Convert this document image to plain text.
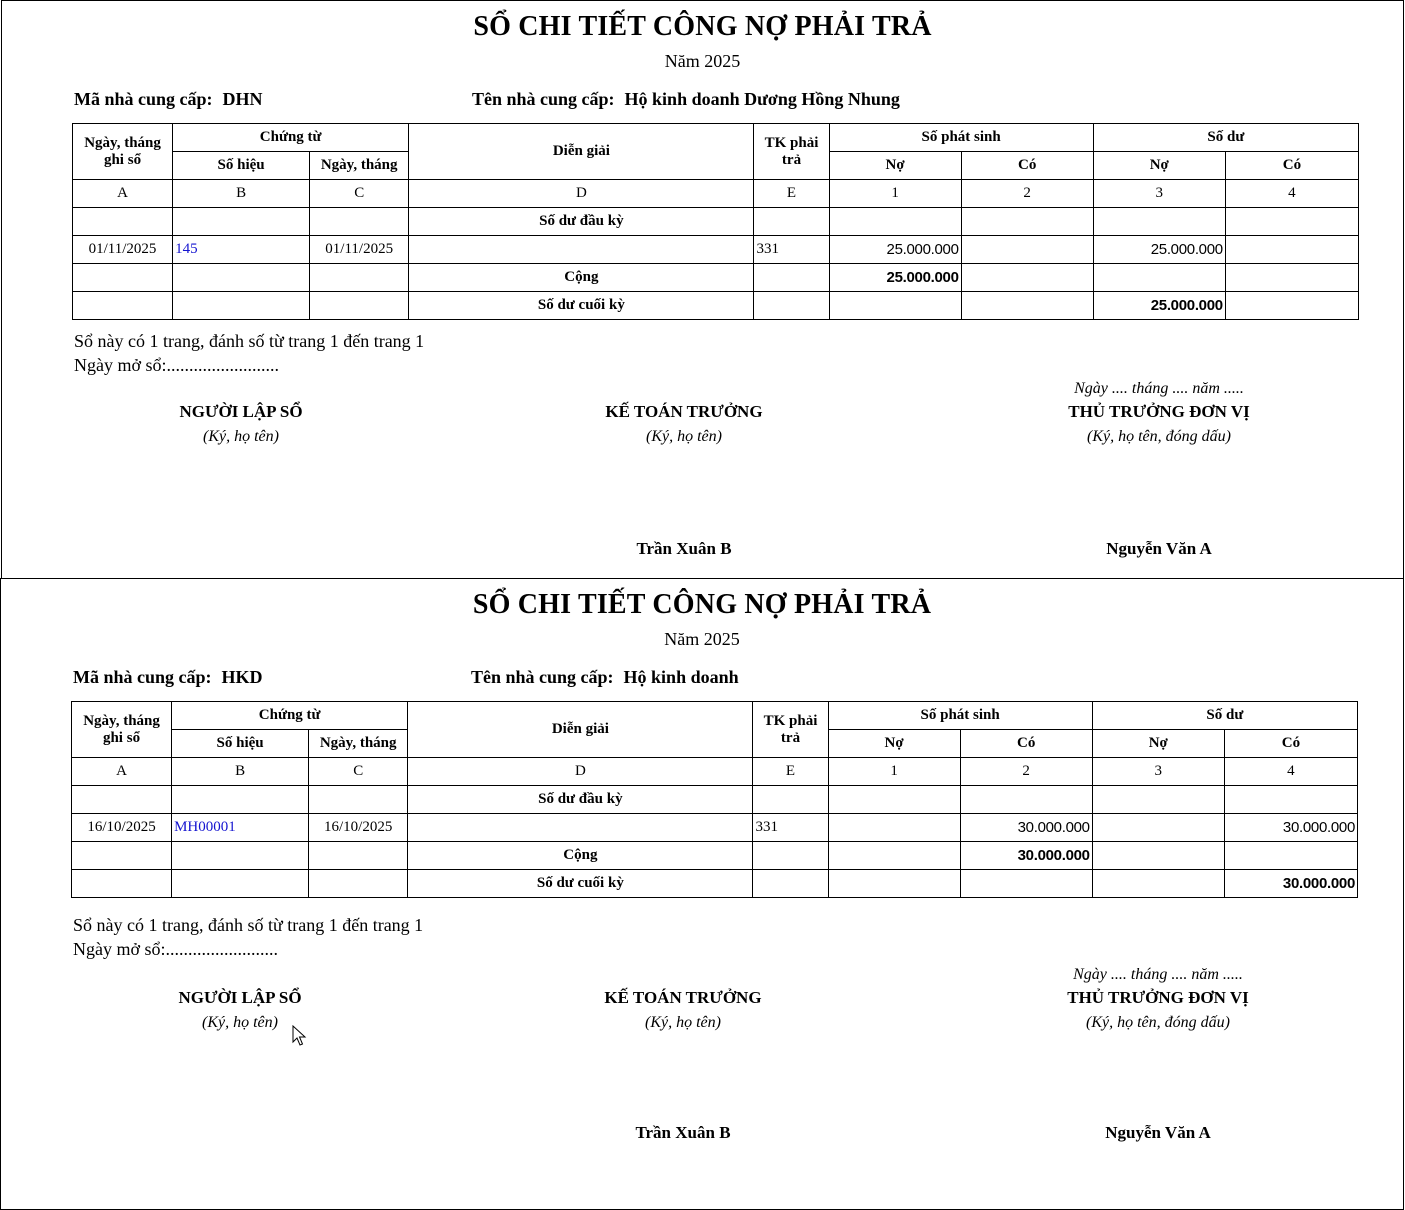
SỔ CHI TIẾT CÔNG NỢ PHẢI TRẢ
Năm 2025
Mã nhà cung cấp: DHN	Tên nhà cung cấp: Hộ kinh doanh Dương Hồng Nhung
Ngày, tháng ghi sổ	Chứng từ		Diễn giải	TK phải trả	Số phát sinh		Số dư	
	Số hiệu	Ngày, tháng			Nợ	Có	Nợ	Có
A	B	C	D	E	1	2	3	4
			Số dư đầu kỳ					
01/11/2025	145	01/11/2025		331	25.000.000		25.000.000	
			Cộng		25.000.000			
			Số dư cuối kỳ				25.000.000	
Sổ này có 1 trang, đánh số từ trang 1 đến trang 1
Ngày mở sổ:.........................
NGƯỜI LẬP SỔ
(Ký, họ tên)
KẾ TOÁN TRƯỞNG
(Ký, họ tên)
Ngày .... tháng .... năm .....
THỦ TRƯỞNG ĐƠN VỊ
(Ký, họ tên, đóng dấu)
Trần Xuân B	Nguyễn Văn A
SỔ CHI TIẾT CÔNG NỢ PHẢI TRẢ
Năm 2025
Mã nhà cung cấp: HKD	Tên nhà cung cấp: Hộ kinh doanh
Ngày, tháng ghi sổ	Chứng từ		Diễn giải	TK phải trả	Số phát sinh		Số dư	
	Số hiệu	Ngày, tháng			Nợ	Có	Nợ	Có
A	B	C	D	E	1	2	3	4
			Số dư đầu kỳ					
16/10/2025	MH00001	16/10/2025		331		30.000.000		30.000.000
			Cộng			30.000.000		
			Số dư cuối kỳ					30.000.000
Sổ này có 1 trang, đánh số từ trang 1 đến trang 1
Ngày mở sổ:.........................
NGƯỜI LẬP SỔ
(Ký, họ tên)
KẾ TOÁN TRƯỞNG
(Ký, họ tên)
Ngày .... tháng .... năm .....
THỦ TRƯỞNG ĐƠN VỊ
(Ký, họ tên, đóng dấu)
Trần Xuân B	Nguyễn Văn A
